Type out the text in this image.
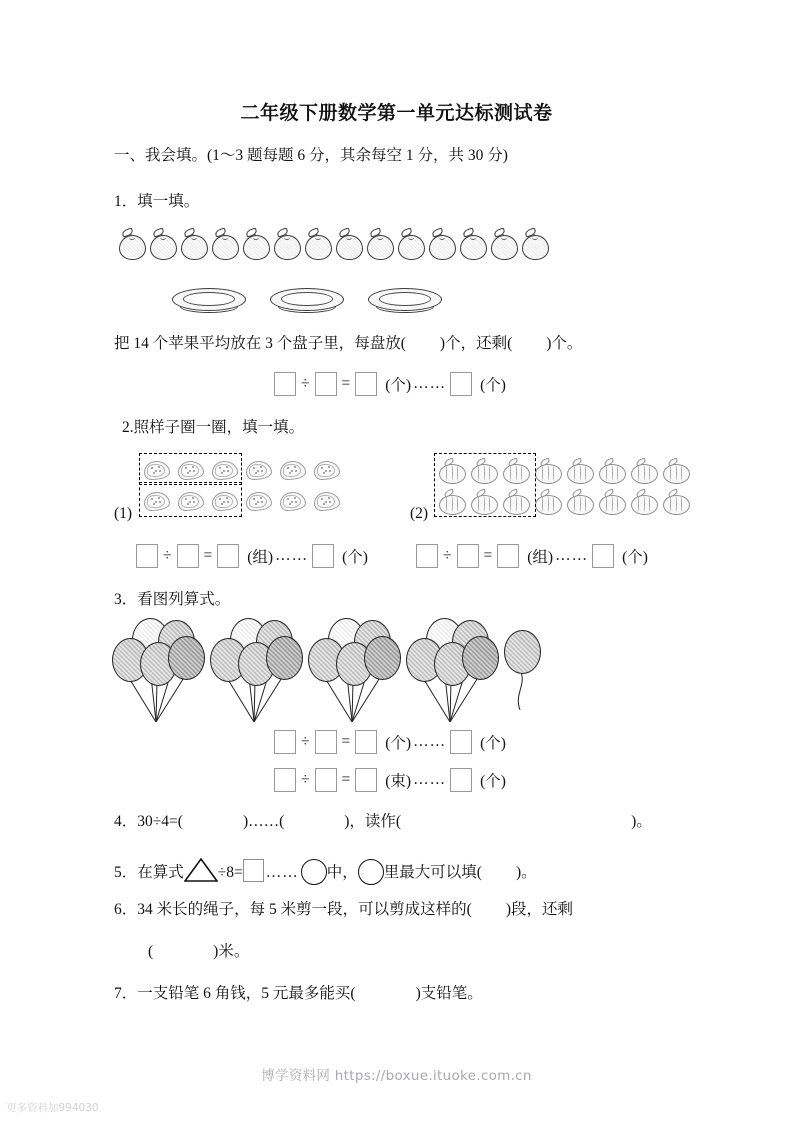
二年级下册数学第一单元达标测试卷
一、我会填。(1～3 题每题 6 分，其余每空 1 分，共 30 分)
1．填一填。
把 14 个苹果平均放在 3 个盘子里，每盘放( )个，还剩( )个。
÷ = (个) …… (个)
2.照样子圈一圈，填一填。
(1)	(2)
÷ = (组) …… (个)	÷ = (组) …… (个)
3．看图列算式。
÷ = (个) …… (个)
÷ = (束) …… (个)
4．30÷4=(	)……(	)，读作(	)。
5．在算式 ÷8= …… 中， 里最大可以填( )。
6．34 米长的绳子，每 5 米剪一段，可以剪成这样的( )段，还剩
(	)米。
7．一支铅笔 6 角钱，5 元最多能买(	)支铅笔。
博学资料网 https://boxue.ituoke.com.cn
更多资料加994030
